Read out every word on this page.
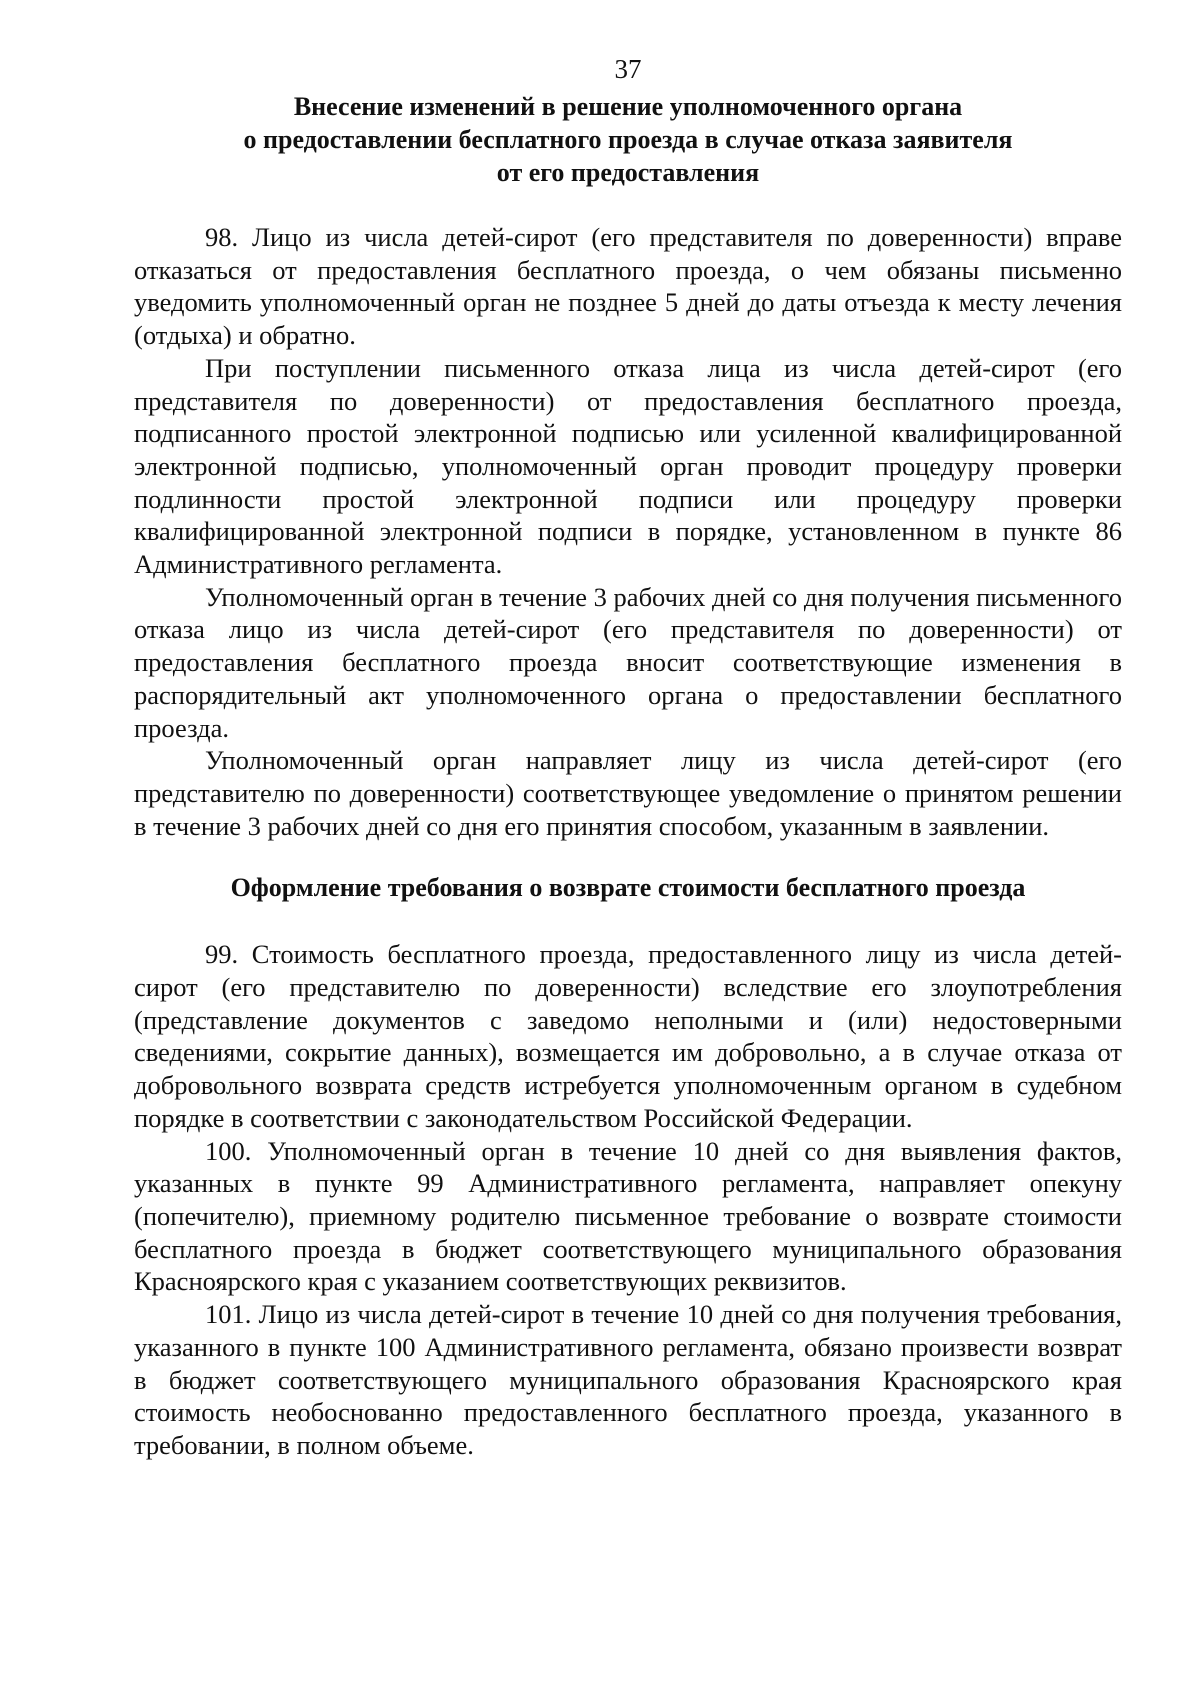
37
Внесение изменений в решение уполномоченного органа
о предоставлении бесплатного проезда в случае отказа заявителя
от его предоставления

98. Лицо из числа детей-сирот (его представителя по доверенности) вправе отказаться от предоставления бесплатного проезда, о чем обязаны письменно уведомить уполномоченный орган не позднее 5 дней до даты отъезда к месту лечения (отдыха) и обратно.

При поступлении письменного отказа лица из числа детей-сирот (его представителя по доверенности) от предоставления бесплатного проезда, подписанного простой электронной подписью или усиленной квалифицированной электронной подписью, уполномоченный орган проводит процедуру проверки подлинности простой электронной подписи или процедуру проверки квалифицированной электронной подписи в порядке, установленном в пункте 86 Административного регламента.

Уполномоченный орган в течение 3 рабочих дней со дня получения письменного отказа лицо из числа детей-сирот (его представителя по доверенности) от предоставления бесплатного проезда вносит соответствующие изменения в распорядительный акт уполномоченного органа о предоставлении бесплатного проезда.

Уполномоченный орган направляет лицу из числа детей-сирот (его представителю по доверенности) соответствующее уведомление о принятом решении в течение 3 рабочих дней со дня его принятия способом, указанным в заявлении.

Оформление требования о возврате стоимости бесплатного проезда

99. Стоимость бесплатного проезда, предоставленного лицу из числа детей-сирот (его представителю по доверенности) вследствие его злоупотребления (представление документов с заведомо неполными и (или) недостоверными сведениями, сокрытие данных), возмещается им добровольно, а в случае отказа от добровольного возврата средств истребуется уполномоченным органом в судебном порядке в соответствии с законодательством Российской Федерации.

100. Уполномоченный орган в течение 10 дней со дня выявления фактов, указанных в пункте 99 Административного регламента, направляет опекуну (попечителю), приемному родителю письменное требование о возврате стоимости бесплатного проезда в бюджет соответствующего муниципального образования Красноярского края с указанием соответствующих реквизитов.

101. Лицо из числа детей-сирот в течение 10 дней со дня получения требования, указанного в пункте 100 Административного регламента, обязано произвести возврат в бюджет соответствующего муниципального образования Красноярского края стоимость необоснованно предоставленного бесплатного проезда, указанного в требовании, в полном объеме.
